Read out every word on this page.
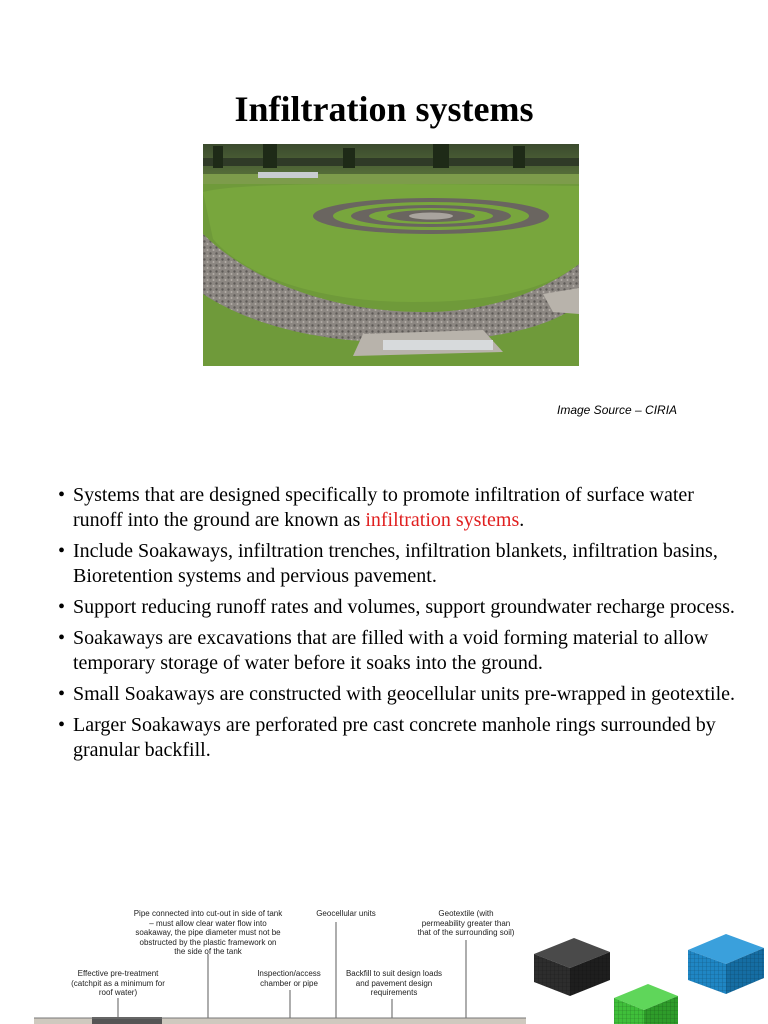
Infiltration systems
Image Source – CIRIA
• Systems that are designed specifically to promote infiltration of surface water runoff into the ground are known as infiltration systems.
• Include Soakaways, infiltration trenches, infiltration blankets, infiltration basins, Bioretention systems and pervious pavement.
• Support reducing runoff rates and volumes, support groundwater recharge process.
• Soakaways are excavations that are filled with a void forming material to allow temporary storage of water before it soaks into the ground.
• Small Soakaways are constructed with geocellular units pre-wrapped in geotextile.
• Larger Soakaways are perforated pre cast concrete manhole rings surrounded by granular backfill.
Pipe connected into cut-out in side of tank
– must allow clear water flow into
soakaway, the pipe diameter must not be
obstructed by the plastic framework on
the side of the tank
Geocellular units	Geotextile (with
permeability greater than
that of the surrounding soil)
Effective pre-treatment
(catchpit as a minimum for
roof water)
Inspection/access
chamber or pipe
Backfill to suit design loads
and pavement design
requirements
